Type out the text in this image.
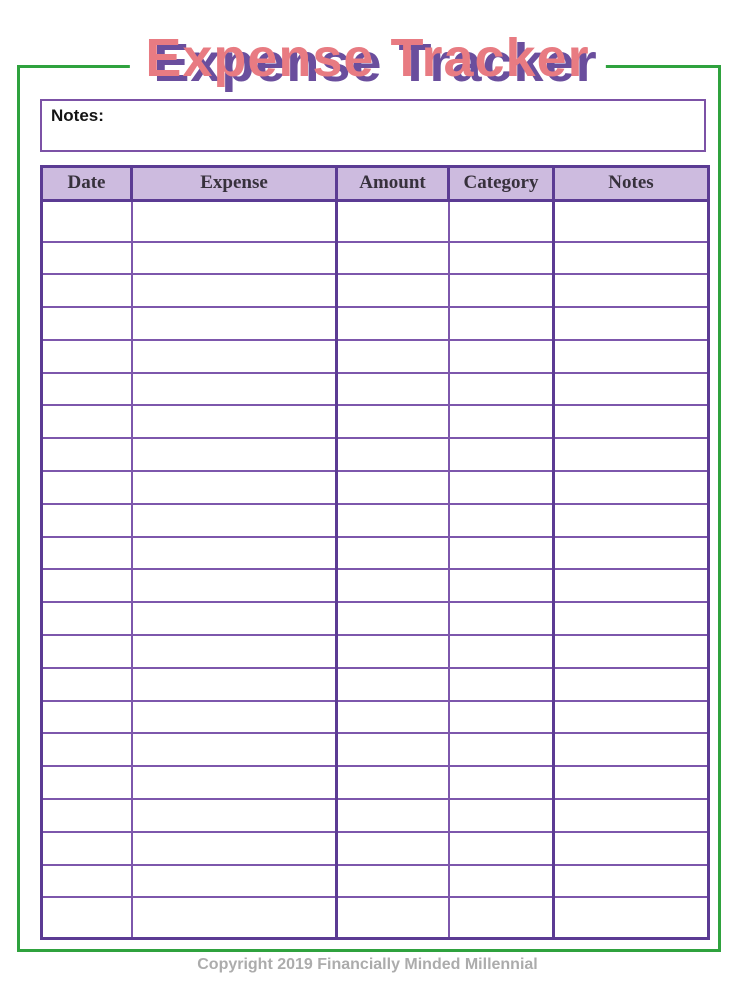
Expense Tracker
Notes:
Date	Expense	Amount	Category	Notes

Copyright 2019 Financially Minded Millennial
